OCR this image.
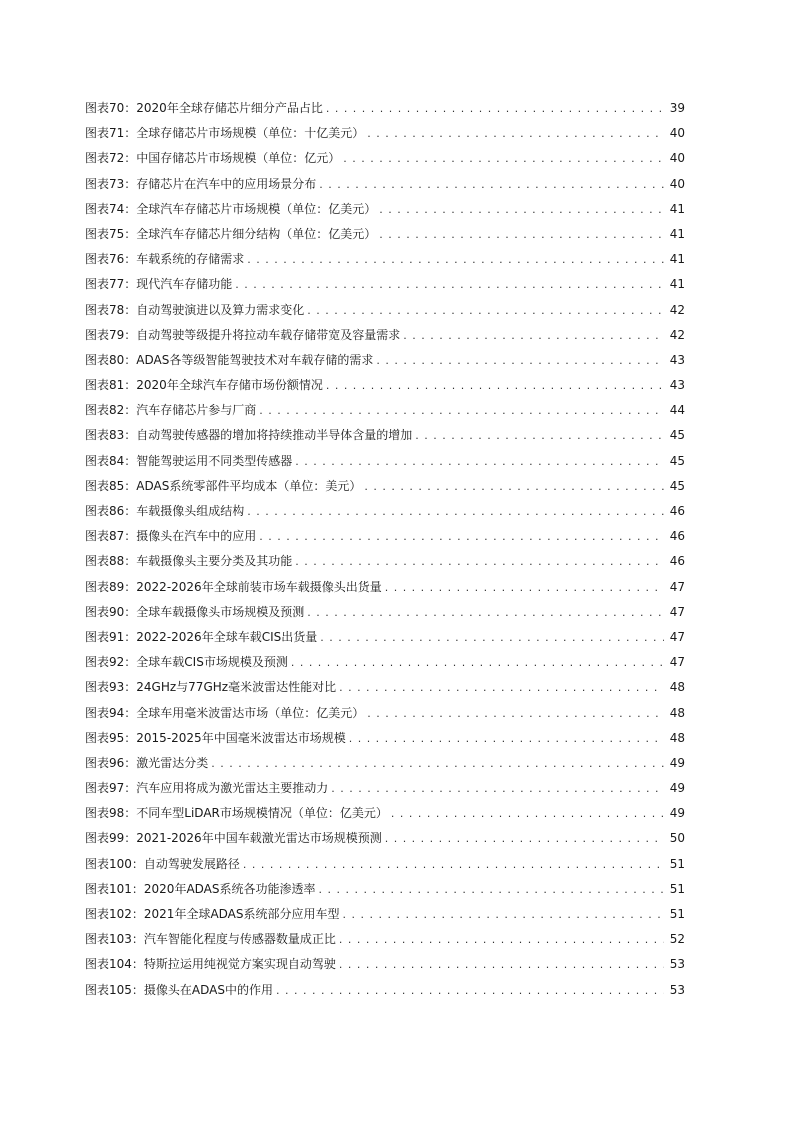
图表70： 2020年全球存储芯片细分产品占比 . . .	39
图表71： 全球存储芯片市场规模（单位：十亿美元） . . .	40
图表72： 中国存储芯片市场规模（单位：亿元） . . .	40
图表73： 存储芯片在汽车中的应用场景分布 . . .	40
图表74： 全球汽车存储芯片市场规模（单位：亿美元） . . .	41
图表75： 全球汽车存储芯片细分结构（单位：亿美元） . . .	41
图表76： 车载系统的存储需求 . . .	41
图表77： 现代汽车存储功能 . . .	41
图表78： 自动驾驶演进以及算力需求变化 . . .	42
图表79： 自动驾驶等级提升将拉动车载存储带宽及容量需求 . . .	42
图表80： ADAS各等级智能驾驶技术对车载存储的需求 . . .	43
图表81： 2020年全球汽车存储市场份额情况 . . .	43
图表82： 汽车存储芯片参与厂商 . . .	44
图表83： 自动驾驶传感器的增加将持续推动半导体含量的增加 . . .	45
图表84： 智能驾驶运用不同类型传感器 . . .	45
图表85： ADAS系统零部件平均成本（单位：美元） . . .	45
图表86： 车载摄像头组成结构 . . .	46
图表87： 摄像头在汽车中的应用 . . .	46
图表88： 车载摄像头主要分类及其功能 . . .	46
图表89： 2022-2026年全球前装市场车载摄像头出货量 . . .	47
图表90： 全球车载摄像头市场规模及预测 . . .	47
图表91： 2022-2026年全球车载CIS出货量 . . .	47
图表92： 全球车载CIS市场规模及预测 . . .	47
图表93： 24GHz与77GHz毫米波雷达性能对比 . . .	48
图表94： 全球车用毫米波雷达市场（单位：亿美元） . . .	48
图表95： 2015-2025年中国毫米波雷达市场规模 . . .	48
图表96： 激光雷达分类 . . .	49
图表97： 汽车应用将成为激光雷达主要推动力 . . .	49
图表98： 不同车型LiDAR市场规模情况（单位：亿美元） . . .	49
图表99： 2021-2026年中国车载激光雷达市场规模预测 . . .	50
图表100： 自动驾驶发展路径 . . .	51
图表101： 2020年ADAS系统各功能渗透率 . . .	51
图表102： 2021年全球ADAS系统部分应用车型 . . .	51
图表103： 汽车智能化程度与传感器数量成正比 . . .	52
图表104： 特斯拉运用纯视觉方案实现自动驾驶 . . .	53
图表105： 摄像头在ADAS中的作用 . . .	53
